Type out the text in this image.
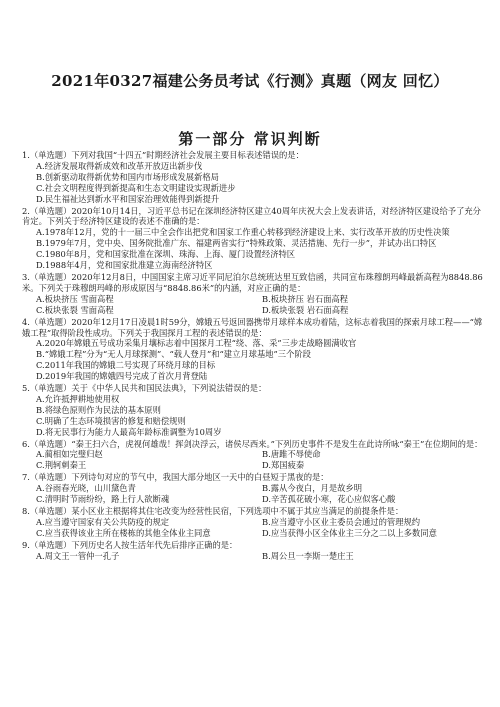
2021年0327福建公务员考试《行测》真题（网友 回忆）
第一部分 常识判断
1.（单选题）下列对我国“十四五”时期经济社会发展主要目标表述错误的是：
A.经济发展取得新成效和改革开放迈出新步伐
B.创新驱动取得新优势和国内市场形成发展新格局
C.社会文明程度得到新提高和生态文明建设实现新进步
D.民生福祉达到新水平和国家治理效能得到新提升
2.（单选题）2020年10月14日，习近平总书记在深圳经济特区建立40周年庆祝大会上发表讲话，对经济特区建设给予了充分肯定。下列关于经济特区建设的表述不准确的是：
A.1978年12月，党的十一届三中全会作出把党和国家工作重心转移到经济建设上来、实行改革开放的历史性决策
B.1979年7月，党中央、国务院批准广东、福建两省实行“特殊政策、灵活措施、先行一步”，并试办出口特区
C.1980年8月，党和国家批准在深圳、珠海、上海、厦门设置经济特区
D.1988年4月，党和国家批准建立海南经济特区
3.（单选题）2020年12月8日，中国国家主席习近平同尼泊尔总统班达里互致信函，共同宣布珠穆朗玛峰最新高程为8848.86米。下列关于珠穆朗玛峰的形成原因与“8848.86米”的内涵，对应正确的是：
A.板块挤压 雪面高程	B.板块挤压 岩石面高程
C.板块张裂 雪面高程	D.板块张裂 岩石面高程
4.（单选题）2020年12月17日凌晨1时59分，嫦娥五号返回器携带月球样本成功着陆，这标志着我国的探索月球工程——“嫦娥工程”取得阶段性成功。下列关于我国探月工程的表述错误的是：
A.2020年嫦娥五号成功采集月壤标志着中国探月工程“绕、落、采”三步走战略圆满收官
B.“嫦娥工程”分为“无人月球探测”、“载人登月”和“建立月球基地”三个阶段
C.2011年我国的嫦娥二号实现了环绕月球的目标
D.2019年我国的嫦娥四号完成了首次月背登陆
5.（单选题）关于《中华人民共和国民法典》，下列说法错误的是：
A.允许抵押耕地使用权
B.将绿色原则作为民法的基本原则
C.明确了生态环境损害的修复和赔偿规则
D.将无民事行为能力人最高年龄标准调整为10周岁
6.（单选题）“秦王扫六合，虎视何雄哉！挥剑决浮云，诸侯尽西来。”下列历史事件不是发生在此诗所咏“秦王”在位期间的是：
A.蔺相如完璧归赵	B.唐雎不辱使命
C.荆轲刺秦王	D.郑国疲秦
7.（单选题）下列诗句对应的节气中，我国大部分地区一天中的白昼短于黑夜的是：
A.谷雨春光晓，山川黛色青	B.露从今夜白，月是故乡明
C.清明时节雨纷纷，路上行人欲断魂	D.辛苦孤花破小寒，花心应似客心酸
8.（单选题）某小区业主根据将其住宅改变为经营性民宿，下列选项中不属于其应当满足的前提条件是：
A.应当遵守国家有关公共防疫的规定	B.应当遵守小区业主委员会通过的管理规约
C.应当获得该业主所在楼栋的其他全体业主同意	D.应当获得小区全体业主三分之二以上多数同意
9.（单选题）下列历史名人按生活年代先后排序正确的是：
A.周文王一管仲一孔子	B.周公旦一李斯一楚庄王
